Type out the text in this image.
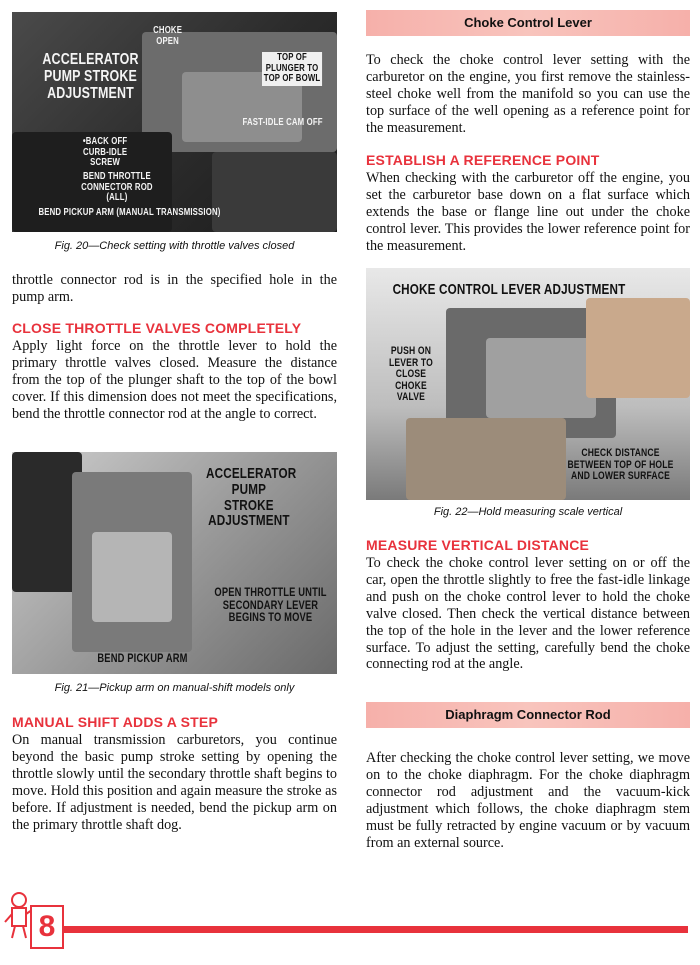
ACCELERATOR PUMP STROKE ADJUSTMENT
CHOKE OPEN
TOP OF PLUNGER TO TOP OF BOWL
FAST-IDLE CAM OFF
•BACK OFF CURB-IDLE SCREW
BEND THROTTLE CONNECTOR ROD (ALL)
BEND PICKUP ARM (MANUAL TRANSMISSION)
Fig. 20—Check setting with throttle valves closed

throttle connector rod is in the specified hole in the pump arm.

CLOSE THROTTLE VALVES COMPLETELY

Apply light force on the throttle lever to hold the primary throttle valves closed. Measure the distance from the top of the plunger shaft to the top of the bowl cover. If this dimension does not meet the specifications, bend the throttle connector rod at the angle to correct.

ACCELERATOR PUMP STROKE ADJUSTMENT
OPEN THROTTLE UNTIL SECONDARY LEVER BEGINS TO MOVE
BEND PICKUP ARM
Fig. 21—Pickup arm on manual-shift models only
MANUAL SHIFT ADDS A STEP

On manual transmission carburetors, you continue beyond the basic pump stroke setting by opening the throttle slowly until the secondary throttle shaft begins to move. Hold this position and again measure the stroke as before. If adjustment is needed, bend the pickup arm on the primary throttle shaft dog.

Choke Control Lever

To check the choke control lever setting with the carburetor on the engine, you first remove the stainless-steel choke well from the manifold so you can use the top surface of the well opening as a reference point for the measurement.

ESTABLISH A REFERENCE POINT

When checking with the carburetor off the engine, you set the carburetor base down on a flat surface which extends the base or flange line out under the choke control lever. This provides the lower reference point for the measurement.

CHOKE CONTROL LEVER ADJUSTMENT
PUSH ON LEVER TO CLOSE CHOKE VALVE
CHECK DISTANCE BETWEEN TOP OF HOLE AND LOWER SURFACE
Fig. 22—Hold measuring scale vertical
MEASURE VERTICAL DISTANCE

To check the choke control lever setting on or off the car, open the throttle slightly to free the fast-idle linkage and push on the choke control lever to hold the choke valve closed. Then check the vertical distance between the top of the hole in the lever and the lower reference surface. To adjust the setting, carefully bend the choke connecting rod at the angle.

Diaphragm Connector Rod

After checking the choke control lever setting, we move on to the choke diaphragm. For the choke diaphragm connector rod adjustment and the vacuum-kick adjustment which follows, the choke diaphragm stem must be fully retracted by engine vacuum or by vacuum from an external source.

8
